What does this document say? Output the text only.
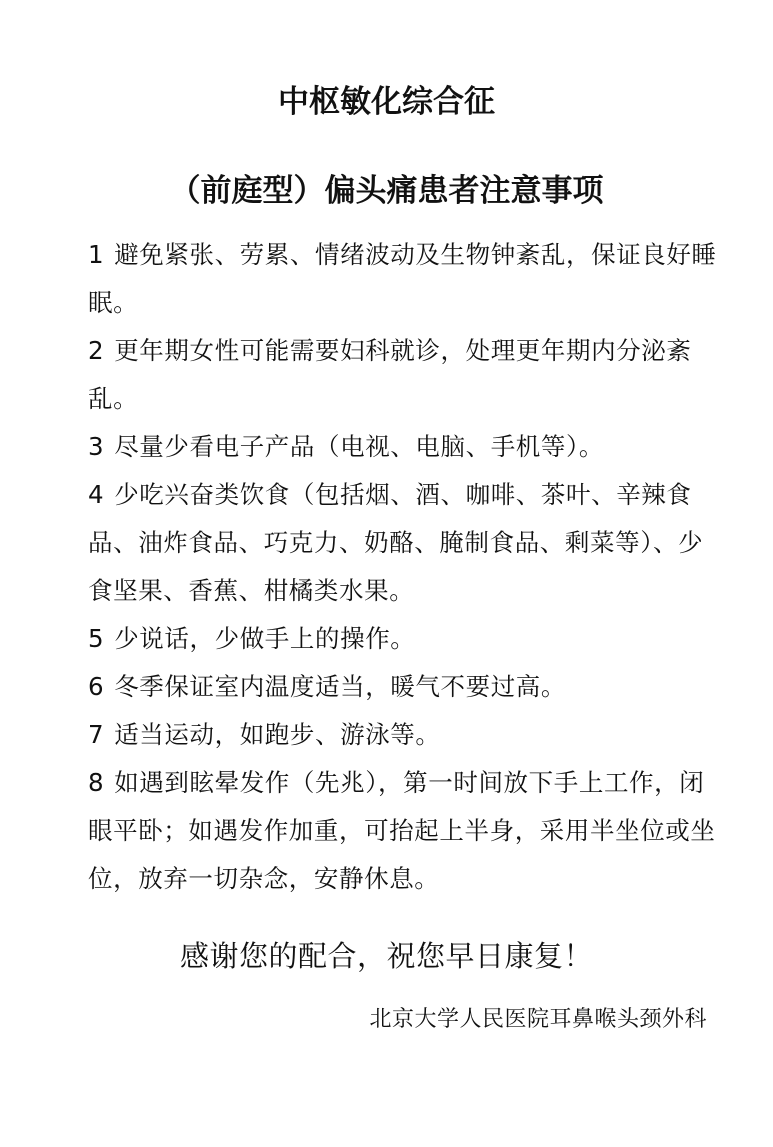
中枢敏化综合征
（前庭型）偏头痛患者注意事项
1 避免紧张、劳累、情绪波动及生物钟紊乱，保证良好睡眠。
2 更年期女性可能需要妇科就诊，处理更年期内分泌紊乱。
3 尽量少看电子产品（电视、电脑、手机等）。
4 少吃兴奋类饮食（包括烟、酒、咖啡、茶叶、辛辣食品、油炸食品、巧克力、奶酪、腌制食品、剩菜等）、少食坚果、香蕉、柑橘类水果。
5 少说话，少做手上的操作。
6 冬季保证室内温度适当，暖气不要过高。
7 适当运动，如跑步、游泳等。
8 如遇到眩晕发作（先兆），第一时间放下手上工作，闭眼平卧；如遇发作加重，可抬起上半身，采用半坐位或坐位，放弃一切杂念，安静休息。
感谢您的配合，祝您早日康复！
北京大学人民医院耳鼻喉头颈外科
